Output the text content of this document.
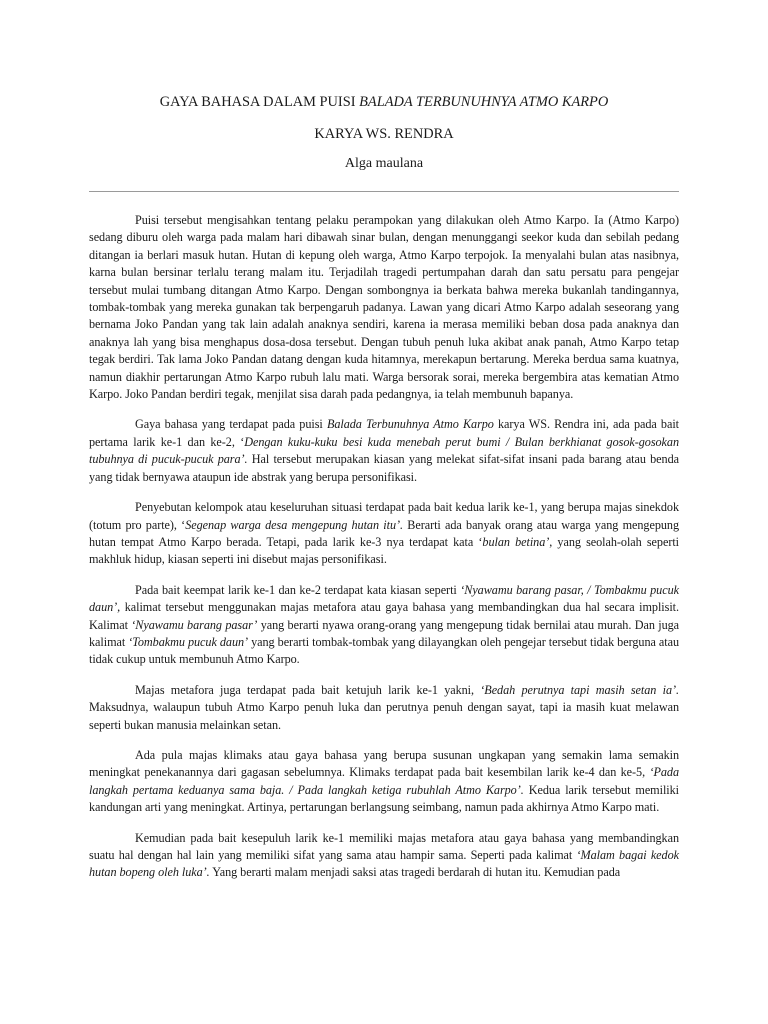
GAYA BAHASA DALAM PUISI BALADA TERBUNUHNYA ATMO KARPO

KARYA WS. RENDRA

Alga maulana

Puisi tersebut mengisahkan tentang pelaku perampokan yang dilakukan oleh Atmo Karpo. Ia (Atmo Karpo) sedang diburu oleh warga pada malam hari dibawah sinar bulan, dengan menunggangi seekor kuda dan sebilah pedang ditangan ia berlari masuk hutan. Hutan di kepung oleh warga, Atmo Karpo terpojok. Ia menyalahi bulan atas nasibnya, karna bulan bersinar terlalu terang malam itu. Terjadilah tragedi pertumpahan darah dan satu persatu para pengejar tersebut mulai tumbang ditangan Atmo Karpo. Dengan sombongnya ia berkata bahwa mereka bukanlah tandingannya, tombak-tombak yang mereka gunakan tak berpengaruh padanya. Lawan yang dicari Atmo Karpo adalah seseorang yang bernama Joko Pandan yang tak lain adalah anaknya sendiri, karena ia merasa memiliki beban dosa pada anaknya dan anaknya lah yang bisa menghapus dosa-dosa tersebut. Dengan tubuh penuh luka akibat anak panah, Atmo Karpo tetap tegak berdiri. Tak lama Joko Pandan datang dengan kuda hitamnya, merekapun bertarung. Mereka berdua sama kuatnya, namun diakhir pertarungan Atmo Karpo rubuh lalu mati. Warga bersorak sorai, mereka bergembira atas kematian Atmo Karpo. Joko Pandan berdiri tegak, menjilat sisa darah pada pedangnya, ia telah membunuh bapanya.

Gaya bahasa yang terdapat pada puisi Balada Terbunuhnya Atmo Karpo karya WS. Rendra ini, ada pada bait pertama larik ke-1 dan ke-2, ‘Dengan kuku-kuku besi kuda menebah perut bumi / Bulan berkhianat gosok-gosokan tubuhnya di pucuk-pucuk para’. Hal tersebut merupakan kiasan yang melekat sifat-sifat insani pada barang atau benda yang tidak bernyawa ataupun ide abstrak yang berupa personifikasi.

Penyebutan kelompok atau keseluruhan situasi terdapat pada bait kedua larik ke-1, yang berupa majas sinekdok (totum pro parte), ‘Segenap warga desa mengepung hutan itu’. Berarti ada banyak orang atau warga yang mengepung hutan tempat Atmo Karpo berada. Tetapi, pada larik ke-3 nya terdapat kata ‘bulan betina’, yang seolah-olah seperti makhluk hidup, kiasan seperti ini disebut majas personifikasi.

Pada bait keempat larik ke-1 dan ke-2 terdapat kata kiasan seperti ‘Nyawamu barang pasar, / Tombakmu pucuk daun’, kalimat tersebut menggunakan majas metafora atau gaya bahasa yang membandingkan dua hal secara implisit. Kalimat ‘Nyawamu barang pasar’ yang berarti nyawa orang-orang yang mengepung tidak bernilai atau murah. Dan juga kalimat ‘Tombakmu pucuk daun’ yang berarti tombak-tombak yang dilayangkan oleh pengejar tersebut tidak berguna atau tidak cukup untuk membunuh Atmo Karpo.

Majas metafora juga terdapat pada bait ketujuh larik ke-1 yakni, ‘Bedah perutnya tapi masih setan ia’. Maksudnya, walaupun tubuh Atmo Karpo penuh luka dan perutnya penuh dengan sayat, tapi ia masih kuat melawan seperti bukan manusia melainkan setan.

Ada pula majas klimaks atau gaya bahasa yang berupa susunan ungkapan yang semakin lama semakin meningkat penekanannya dari gagasan sebelumnya. Klimaks terdapat pada bait kesembilan larik ke-4 dan ke-5, ‘Pada langkah pertama keduanya sama baja. / Pada langkah ketiga rubuhlah Atmo Karpo’. Kedua larik tersebut memiliki kandungan arti yang meningkat. Artinya, pertarungan berlangsung seimbang, namun pada akhirnya Atmo Karpo mati.

Kemudian pada bait kesepuluh larik ke-1 memiliki majas metafora atau gaya bahasa yang membandingkan suatu hal dengan hal lain yang memiliki sifat yang sama atau hampir sama. Seperti pada kalimat ‘Malam bagai kedok hutan bopeng oleh luka’. Yang berarti malam menjadi saksi atas tragedi berdarah di hutan itu. Kemudian pada
